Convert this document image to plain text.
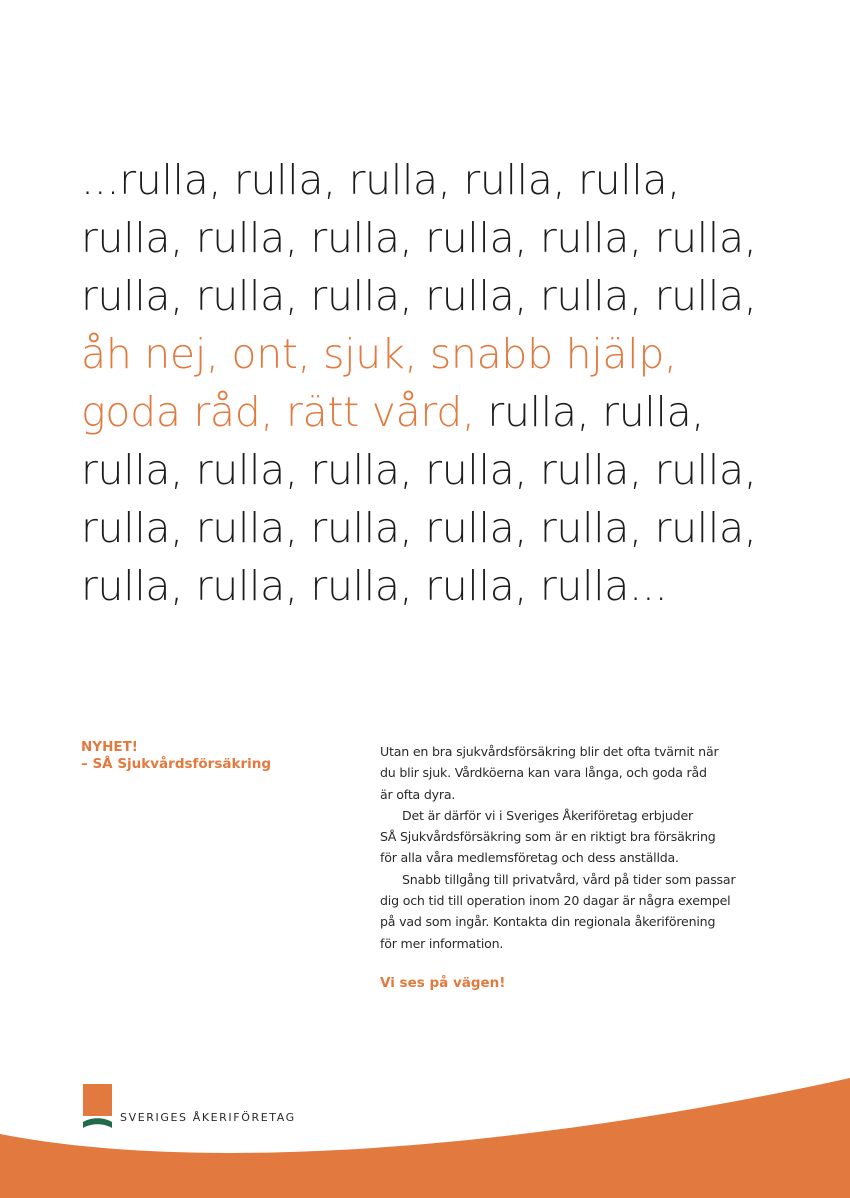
...rulla, rulla, rulla, rulla, rulla,
rulla, rulla, rulla, rulla, rulla, rulla,
rulla, rulla, rulla, rulla, rulla, rulla,
åh nej, ont, sjuk, snabb hjälp,
goda råd, rätt vård, rulla, rulla,
rulla, rulla, rulla, rulla, rulla, rulla,
rulla, rulla, rulla, rulla, rulla, rulla,
rulla, rulla, rulla, rulla, rulla...
NYHET!
– SÅ Sjukvårdsförsäkring
Utan en bra sjukvårdsförsäkring blir det ofta tvärnit när
du blir sjuk. Vårdköerna kan vara långa, och goda råd
är ofta dyra.
Det är därför vi i Sveriges Åkeriföretag erbjuder
SÅ Sjukvårdsförsäkring som är en riktigt bra försäkring
för alla våra medlemsföretag och dess anställda.
Snabb tillgång till privatvård, vård på tider som passar
dig och tid till operation inom 20 dagar är några exempel
på vad som ingår. Kontakta din regionala åkeriförening
för mer information.
Vi ses på vägen!
SVERIGES ÅKERIFÖRETAG
